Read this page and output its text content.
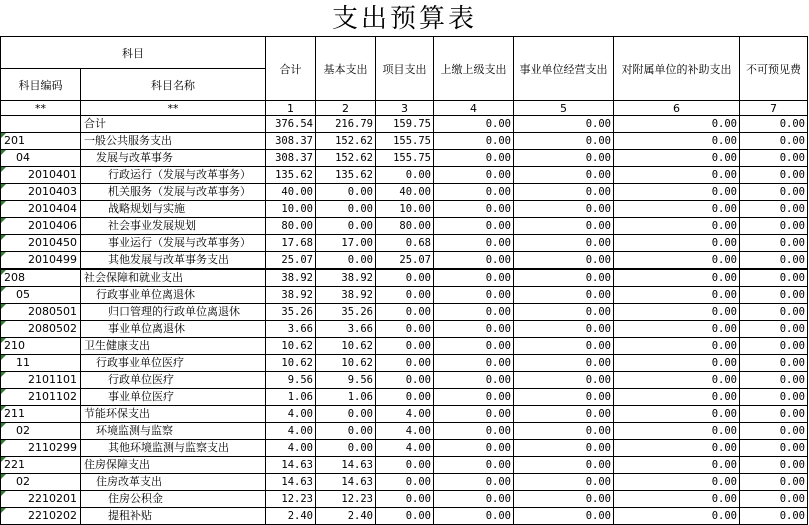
支出预算表
科目		合计	基本支出	项目支出	上缴上级支出	事业单位经营支出	对附属单位的补助支出	不可预见费
科目编码	科目名称							
**	**	1	2	3	4	5	6	7
	合计	376.54	216.79	159.75	0.00	0.00	0.00	0.00

201	一般公共服务支出	308.37	152.62	155.75	0.00	0.00	0.00	0.00

04	发展与改革事务	308.37	152.62	155.75	0.00	0.00	0.00	0.00

2010401	行政运行（发展与改革事务）	135.62	135.62	0.00	0.00	0.00	0.00	0.00

2010403	机关服务（发展与改革事务）	40.00	0.00	40.00	0.00	0.00	0.00	0.00

2010404	战略规划与实施	10.00	0.00	10.00	0.00	0.00	0.00	0.00

2010406	社会事业发展规划	80.00	0.00	80.00	0.00	0.00	0.00	0.00

2010450	事业运行（发展与改革事务）	17.68	17.00	0.68	0.00	0.00	0.00	0.00

2010499	其他发展与改革事务支出	25.07	0.00	25.07	0.00	0.00	0.00	0.00

208	社会保障和就业支出	38.92	38.92	0.00	0.00	0.00	0.00	0.00

05	行政事业单位离退休	38.92	38.92	0.00	0.00	0.00	0.00	0.00

2080501	归口管理的行政单位离退休	35.26	35.26	0.00	0.00	0.00	0.00	0.00

2080502	事业单位离退休	3.66	3.66	0.00	0.00	0.00	0.00	0.00

210	卫生健康支出	10.62	10.62	0.00	0.00	0.00	0.00	0.00

11	行政事业单位医疗	10.62	10.62	0.00	0.00	0.00	0.00	0.00

2101101	行政单位医疗	9.56	9.56	0.00	0.00	0.00	0.00	0.00

2101102	事业单位医疗	1.06	1.06	0.00	0.00	0.00	0.00	0.00

211	节能环保支出	4.00	0.00	4.00	0.00	0.00	0.00	0.00

02	环境监测与监察	4.00	0.00	4.00	0.00	0.00	0.00	0.00

2110299	其他环境监测与监察支出	4.00	0.00	4.00	0.00	0.00	0.00	0.00

221	住房保障支出	14.63	14.63	0.00	0.00	0.00	0.00	0.00

02	住房改革支出	14.63	14.63	0.00	0.00	0.00	0.00	0.00

2210201	住房公积金	12.23	12.23	0.00	0.00	0.00	0.00	0.00

2210202	提租补贴	2.40	2.40	0.00	0.00	0.00	0.00	0.00
